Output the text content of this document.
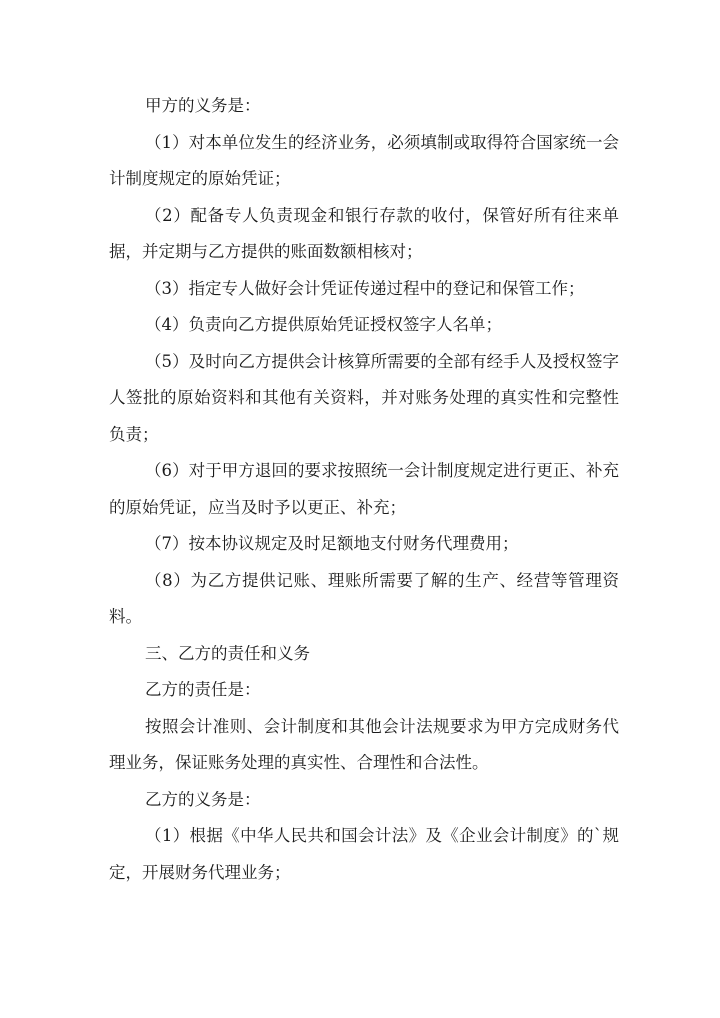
甲方的义务是：

（1）对本单位发生的经济业务，必须填制或取得符合国家统一会计制度规定的原始凭证；

（2）配备专人负责现金和银行存款的收付，保管好所有往来单据，并定期与乙方提供的账面数额相核对；

（3）指定专人做好会计凭证传递过程中的登记和保管工作；

（4）负责向乙方提供原始凭证授权签字人名单；

（5）及时向乙方提供会计核算所需要的全部有经手人及授权签字人签批的原始资料和其他有关资料，并对账务处理的真实性和完整性负责；

（6）对于甲方退回的要求按照统一会计制度规定进行更正、补充的原始凭证，应当及时予以更正、补充；

（7）按本协议规定及时足额地支付财务代理费用；

（8）为乙方提供记账、理账所需要了解的生产、经营等管理资料。

三、乙方的责任和义务

乙方的责任是：

按照会计准则、会计制度和其他会计法规要求为甲方完成财务代理业务，保证账务处理的真实性、合理性和合法性。

乙方的义务是：

（1）根据《中华人民共和国会计法》及《企业会计制度》的`规定，开展财务代理业务；
